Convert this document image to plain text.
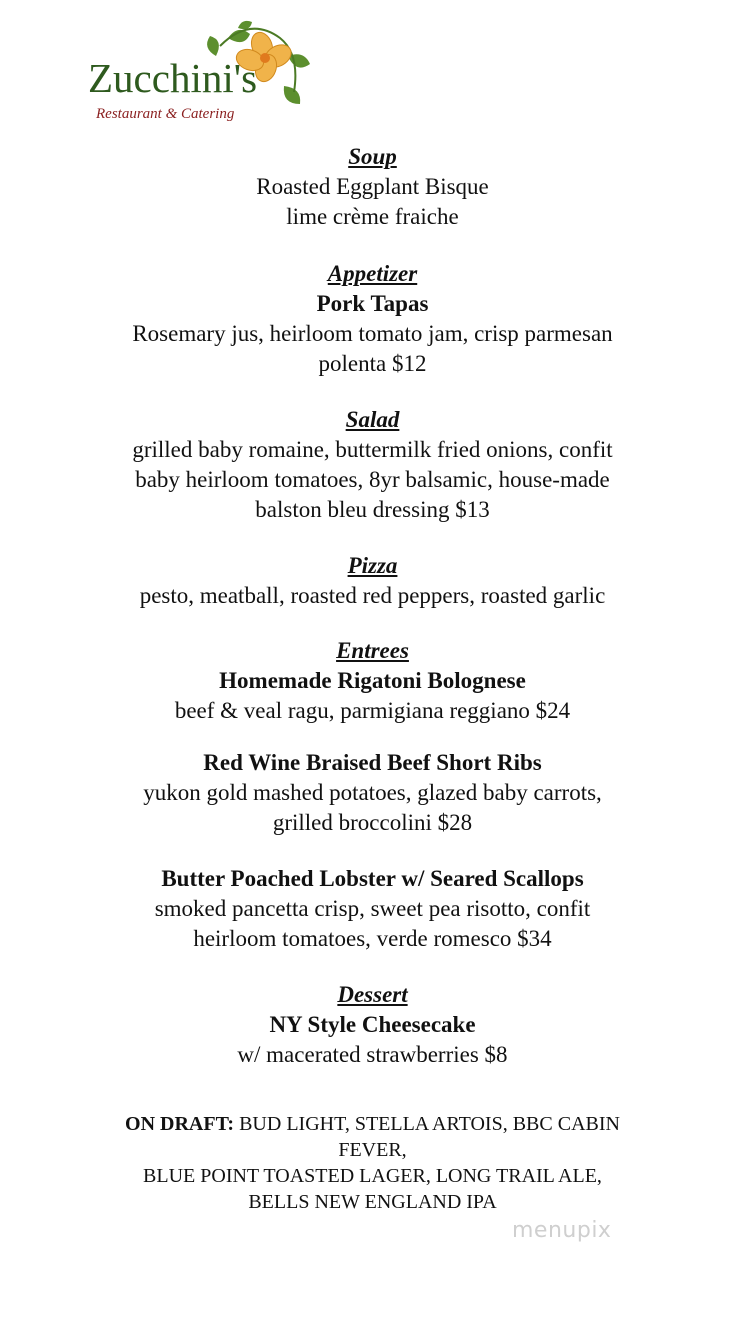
Zucchini's
Restaurant & Catering

Soup

Roasted Eggplant Bisque

lime crème fraiche

Appetizer

Pork Tapas

Rosemary jus, heirloom tomato jam, crisp parmesan

polenta $12

Salad

grilled baby romaine, buttermilk fried onions, confit

baby heirloom tomatoes, 8yr balsamic, house-made

balston bleu dressing $13

Pizza

pesto, meatball, roasted red peppers, roasted garlic

Entrees

Homemade Rigatoni Bolognese

beef & veal ragu, parmigiana reggiano $24

Red Wine Braised Beef Short Ribs

yukon gold mashed potatoes, glazed baby carrots,

grilled broccolini $28

Butter Poached Lobster w/ Seared Scallops

smoked pancetta crisp, sweet pea risotto, confit

heirloom tomatoes, verde romesco $34

Dessert

NY Style Cheesecake

w/ macerated strawberries $8

ON DRAFT: BUD LIGHT, STELLA ARTOIS, BBC CABIN
FEVER,
BLUE POINT TOASTED LAGER, LONG TRAIL ALE,
BELLS NEW ENGLAND IPA
menupix
